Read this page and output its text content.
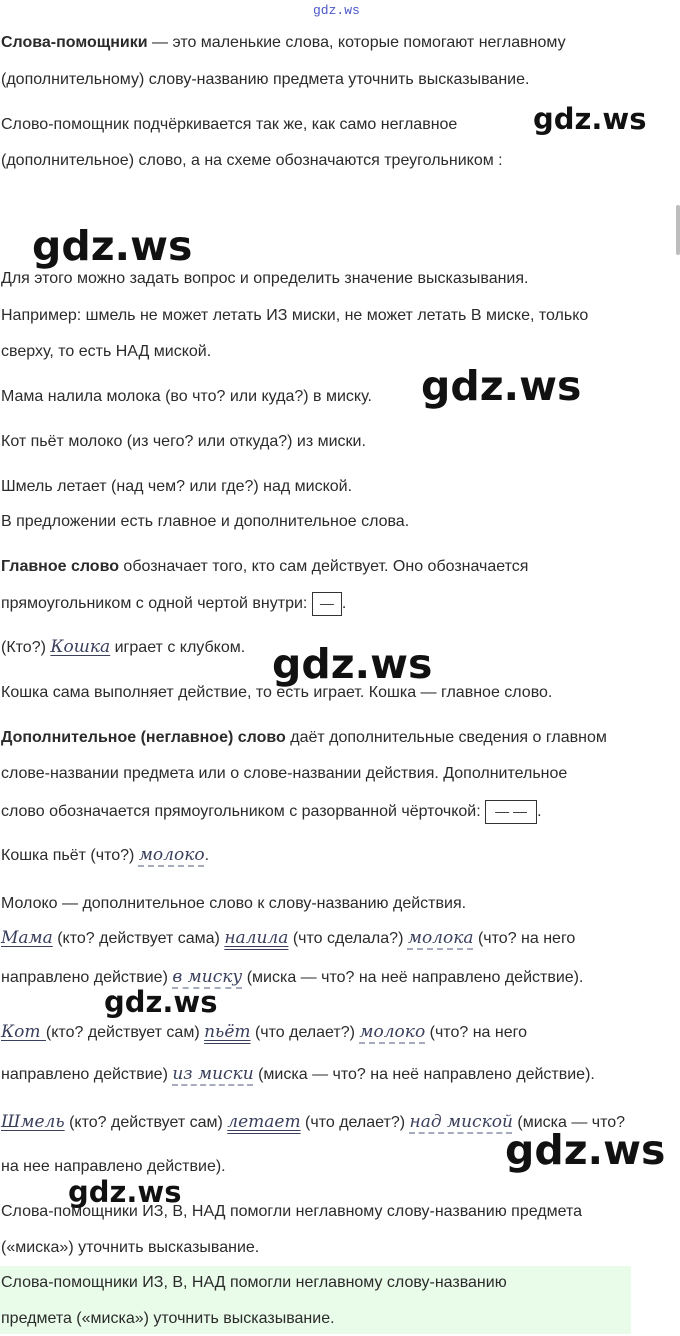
gdz.ws
gdz.ws
gdz.ws
gdz.ws
gdz.ws
gdz.ws
gdz.ws
gdz.ws
Слова-помощники — это маленькие слова, которые помогают неглавному
(дополнительному) слову-названию предмета уточнить высказывание.
Слово-помощник подчёркивается так же, как само неглавное
(дополнительное) слово, а на схеме обозначаются треугольником :
Для этого можно задать вопрос и определить значение высказывания.
Например: шмель не может летать ИЗ миски, не может летать В миске, только
сверху, то есть НАД миской.
Мама налила молока (во что? или куда?) в миску.
Кот пьёт молоко (из чего? или откуда?) из миски.
Шмель летает (над чем? или где?) над миской.
В предложении есть главное и дополнительное слова.
Главное слово обозначает того, кто сам действует. Оно обозначается
прямоугольником с одной чертой внутри: — .
(Кто?) Кошка играет с клубком.
Кошка сама выполняет действие, то есть играет. Кошка — главное слово.
Дополнительное (неглавное) слово даёт дополнительные сведения о главном
слове-названии предмета или о слове-названии действия. Дополнительное
слово обозначается прямоугольником с разорванной чёрточкой: — — .
Кошка пьёт (что?) молоко.
Молоко — дополнительное слово к слову-названию действия.
Мама (кто? действует сама) налила (что сделала?) молока (что? на него
направлено действие) в миску (миска — что? на неё направлено действие).
Кот (кто? действует сам) пьёт (что делает?) молоко (что? на него
направлено действие) из миски (миска — что? на неё направлено действие).
Шмель (кто? действует сам) летает (что делает?) над миской (миска — что?
на нее направлено действие).
Слова-помощники ИЗ, В, НАД помогли неглавному слову-названию предмета
(«миска») уточнить высказывание.
Слова-помощники ИЗ, В, НАД помогли неглавному слову-названию
предмета («миска») уточнить высказывание.
